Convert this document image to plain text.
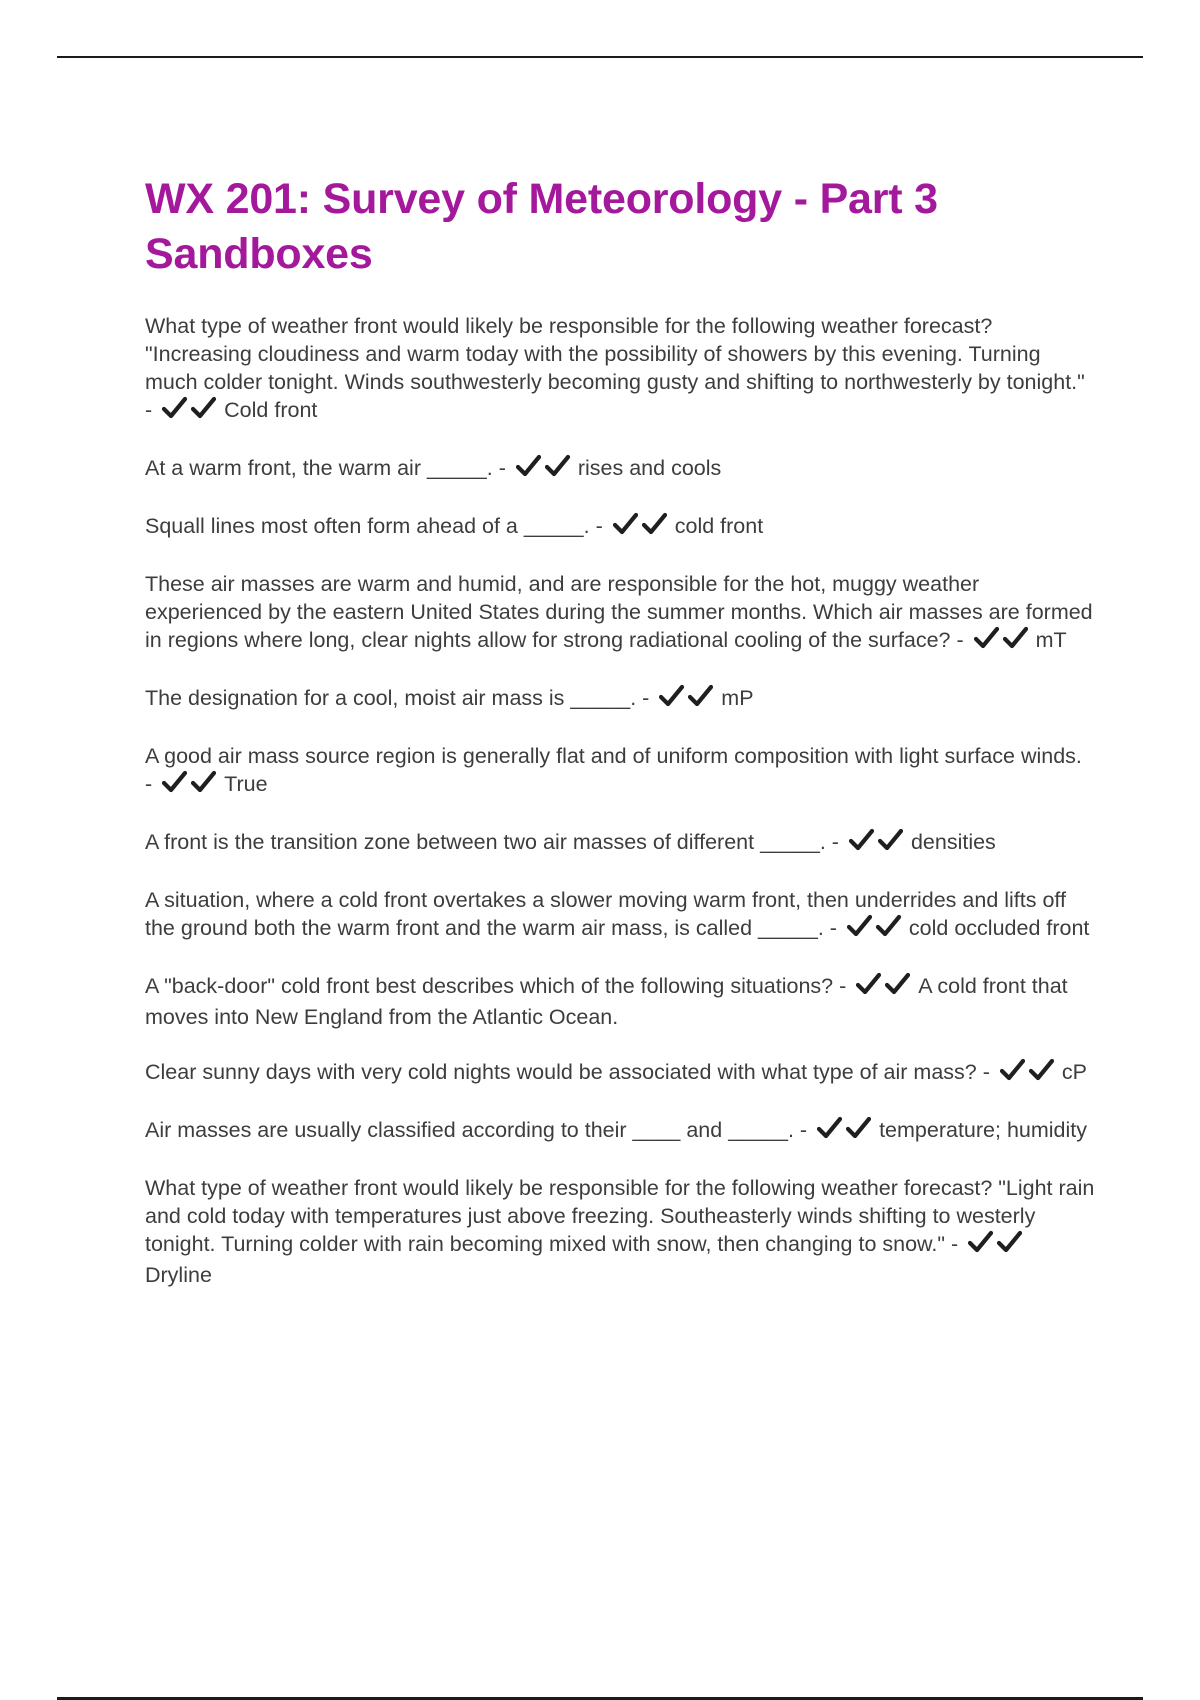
WX 201: Survey of Meteorology - Part 3 Sandboxes

What type of weather front would likely be responsible for the following weather forecast? "Increasing cloudiness and warm today with the possibility of showers by this evening. Turning much colder tonight. Winds southwesterly becoming gusty and shifting to northwesterly by tonight." -	Cold front

At a warm front, the warm air _____. -	rises and cools

Squall lines most often form ahead of a _____. -	cold front

These air masses are warm and humid, and are responsible for the hot, muggy weather experienced by the eastern United States during the summer months. Which air masses are formed in regions where long, clear nights allow for strong radiational cooling of the surface? -	mT

The designation for a cool, moist air mass is _____. -	mP

A good air mass source region is generally flat and of uniform composition with light surface winds. -	True

A front is the transition zone between two air masses of different _____. -	densities

A situation, where a cold front overtakes a slower moving warm front, then underrides and lifts off the ground both the warm front and the warm air mass, is called _____. -	cold occluded front

A "back-door" cold front best describes which of the following situations? -	A cold front that moves into New England from the Atlantic Ocean.

Clear sunny days with very cold nights would be associated with what type of air mass? -	cP

Air masses are usually classified according to their ____ and _____. -	temperature; humidity

What type of weather front would likely be responsible for the following weather forecast? "Light rain and cold today with temperatures just above freezing. Southeasterly winds shifting to westerly tonight. Turning colder with rain becoming mixed with snow, then changing to snow." -
Dryline
